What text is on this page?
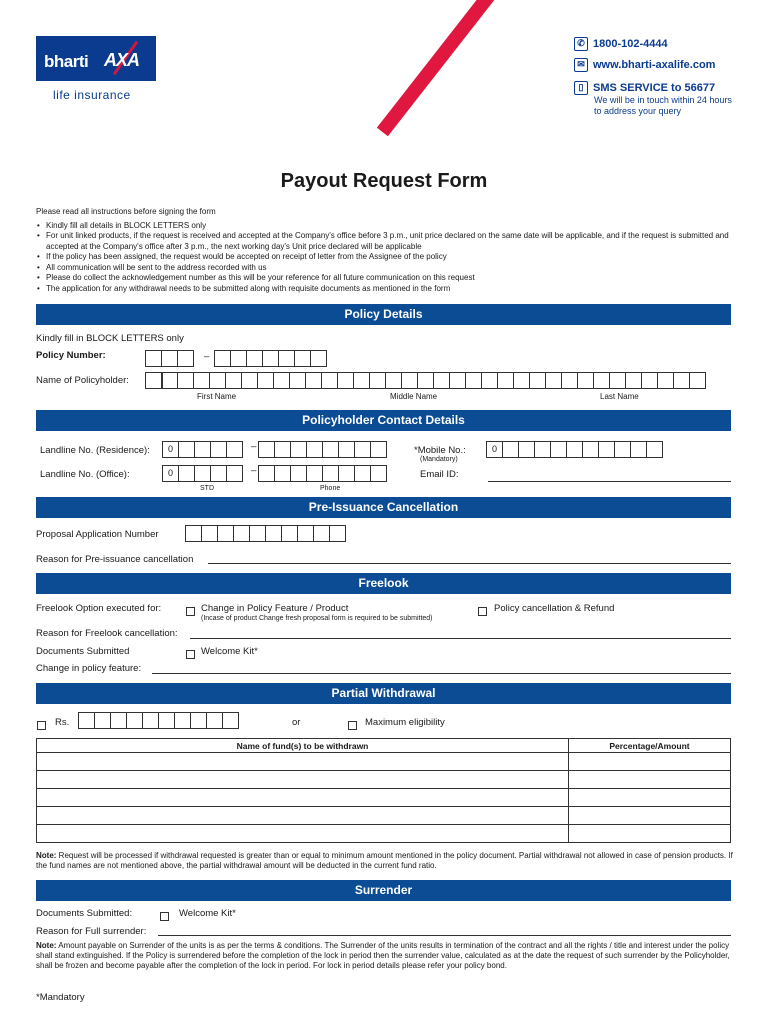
bharti AXA
life insurance
✆ 1800-102-4444
✉ www.bharti-axalife.com
▯ SMS SERVICE to 56677
We will be in touch within 24 hours
to address your query
Payout Request Form
Please read all instructions before signing the form
• Kindly fill all details in BLOCK LETTERS only
• For unit linked products, if the request is received and accepted at the Company's office before 3 p.m., unit price declared on the same date will be applicable, and if the request is submitted and accepted at the Company's office after 3 p.m., the next working day's Unit price declared will be applicable
• If the policy has been assigned, the request would be accepted on receipt of letter from the Assignee of the policy
• All communication will be sent to the address recorded with us
• Please do collect the acknowledgement number as this will be your reference for all future communication on this request
• The application for any withdrawal needs to be submitted along with requisite documents as mentioned in the form
Policy Details
Kindly fill in BLOCK LETTERS only
Policy Number:	–
Name of Policyholder:
First Name	Middle Name	Last Name
Policyholder Contact Details
Landline No. (Residence):	0	–	*Mobile No.:
(Mandatory)
0
Landline No. (Office):	0	–
STD	Phone
Email ID:
Pre-Issuance Cancellation
Proposal Application Number
Reason for Pre-issuance cancellation
Freelook
Freelook Option executed for:	Change in Policy Feature / Product
(Incase of product Change fresh proposal form is required to be submitted)
Policy cancellation & Refund
Reason for Freelook cancellation:
Documents Submitted	Welcome Kit*
Change in policy feature:
Partial Withdrawal
Rs.	or	Maximum eligibility
Name of fund(s) to be withdrawn	Percentage/Amount

Note: Request will be processed if withdrawal requested is greater than or equal to minimum amount mentioned in the policy document. Partial withdrawal not allowed in case of pension products. If the fund names are not mentioned above, the partial withdrawal amount will be deducted in the current fund ratio.
Surrender
Documents Submitted:	Welcome Kit*
Reason for Full surrender:
Note: Amount payable on Surrender of the units is as per the terms & conditions. The Surrender of the units results in termination of the contract and all the rights / title and interest under the policy shall stand extinguished. If the Policy is surrendered before the completion of the lock in period then the surrender value, calculated as at the date the request of such surrender by the Policyholder, shall be frozen and become payable after the completion of the lock in period. For lock in period details please refer your policy bond.
*Mandatory
